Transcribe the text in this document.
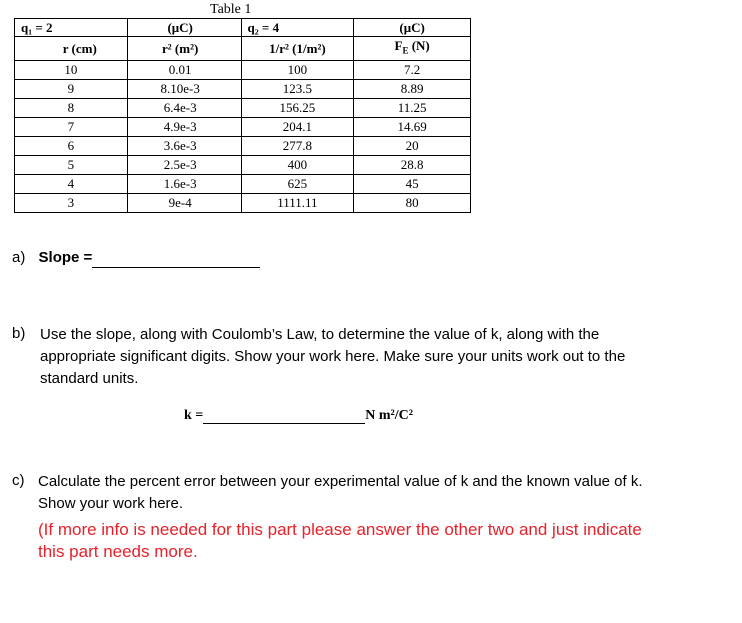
Table 1
q₁ = 2	(μC)	q₂ = 4	(μC)
r (cm)	r² (m²)	1/r² (1/m²)	$F_E$ (N)
10	0.01	100	7.2
9	8.10e-3	123.5	8.89
8	6.4e-3	156.25	11.25
7	4.9e-3	204.1	14.69
6	3.6e-3	277.8	20
5	2.5e-3	400	28.8
4	1.6e-3	625	45
3	9e-4	1111.11	80
a) Slope =
b) Use the slope, along with Coulomb’s Law, to determine the value of k, along with the appropriate significant digits. Show your work here. Make sure your units work out to the standard units.
k =	N m²/C²
c) Calculate the percent error between your experimental value of k and the known value of k. Show your work here.
(If more info is needed for this part please answer the other two and just indicate this part needs more.
